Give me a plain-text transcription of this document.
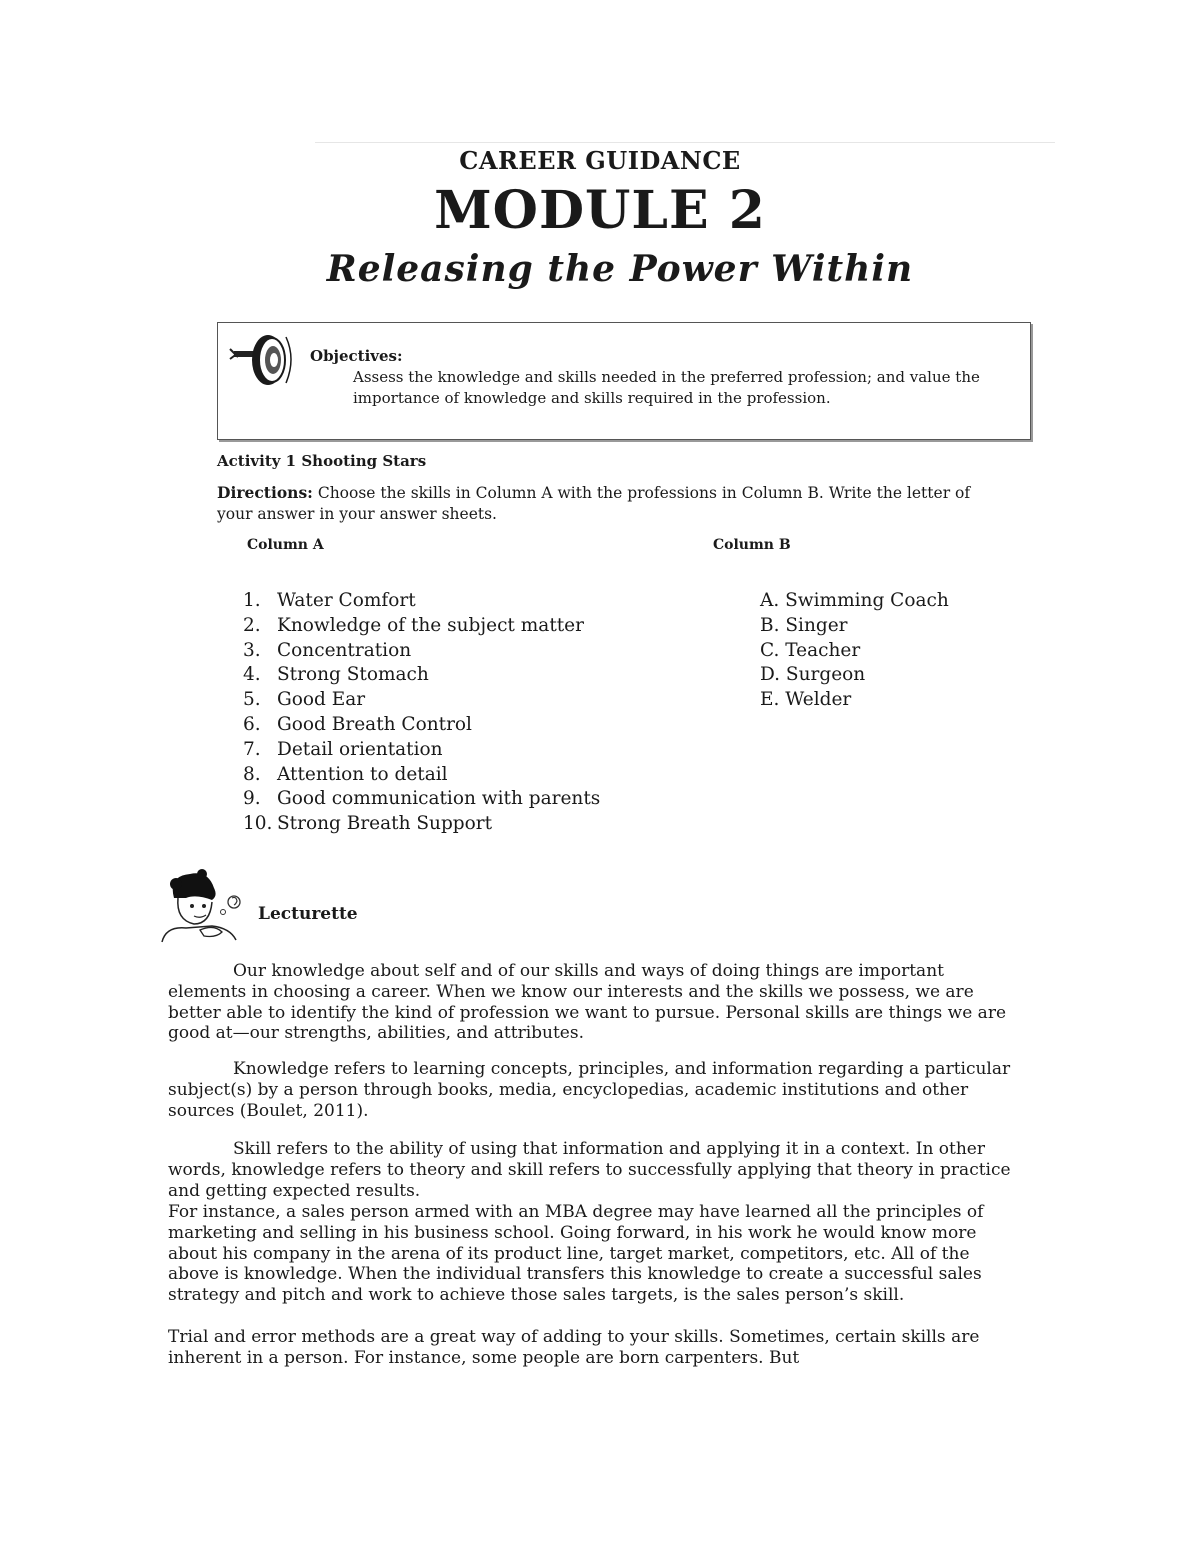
CAREER GUIDANCE
MODULE 2
Releasing the Power Within
Objectives:
Assess the knowledge and skills needed in the preferred profession; and value the importance of knowledge and skills required in the profession.
Activity 1 Shooting Stars
Directions: Choose the skills in Column A with the professions in Column B. Write the letter of your answer in your answer sheets.
Column A	Column B
1. Water Comfort
2. Knowledge of the subject matter
3. Concentration
4. Strong Stomach
5. Good Ear
6. Good Breath Control
7. Detail orientation
8. Attention to detail
9. Good communication with parents
10. Strong Breath Support
A. Swimming Coach
B. Singer
C. Teacher
D. Surgeon
E. Welder
Lecturette

Our knowledge about self and of our skills and ways of doing things are important elements in choosing a career. When we know our interests and the skills we possess, we are better able to identify the kind of profession we want to pursue. Personal skills are things we are good at—our strengths, abilities, and attributes.

Knowledge refers to learning concepts, principles, and information regarding a particular subject(s) by a person through books, media, encyclopedias, academic institutions and other sources (Boulet, 2011).

Skill refers to the ability of using that information and applying it in a context. In other words, knowledge refers to theory and skill refers to successfully applying that theory in practice and getting expected results.

For instance, a sales person armed with an MBA degree may have learned all the principles of marketing and selling in his business school. Going forward, in his work he would know more about his company in the arena of its product line, target market, competitors, etc. All of the above is knowledge. When the individual transfers this knowledge to create a successful sales strategy and pitch and work to achieve those sales targets, is the sales person’s skill.

Trial and error methods are a great way of adding to your skills. Sometimes, certain skills are inherent in a person. For instance, some people are born carpenters. But
